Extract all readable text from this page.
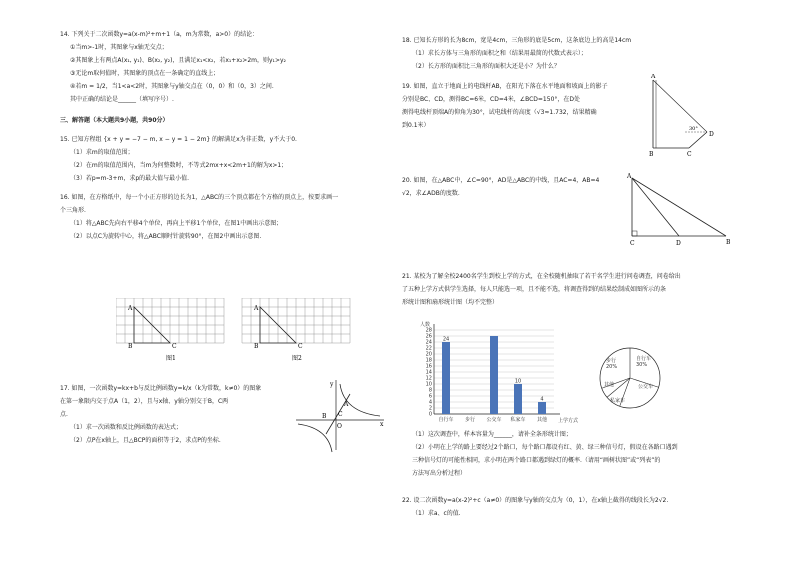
14. 下列关于二次函数y=a(x-m)²+m+1（a，m为常数，a>0）的结论：
①当m>-1时，其图象与x轴无交点；
②其图象上有两点A(x₁, y₁)、B(x₂, y₂)，且满足x₁<x₂，若x₁+x₂>2m，则y₁>y₂
③无论m取何值时，其图象的顶点在一条确定的直线上；
④若m = 1/2，当1<a<2时，其图象与y轴交点在（0，0）和（0，3）之间.
其中正确的结论是______（填写序号）.
三、解答题（本大题共9小题，共90分）
15. 已知方程组 {x + y = −7 − m, x − y = 1 − 2m} 的解满足x为非正数，y不大于0.
（1）求m的取值范围；
（2）在m的取值范围内，当m为何整数时，不等式2mx+x<2m+1的解为x>1；
（3）若p=m-3+m，求p的最大值与最小值.
16. 如图，在方格纸中，每一个小正方形的边长为1，△ABC的三个顶点都在个方格的顶点上，按要求画一
个三角形.
（1）将△ABC先向右平移4个单位，再向上平移1个单位，在图1中画出示意图；
（2）以点C为旋转中心，将△ABC顺时针旋转90°，在图2中画出示意图.
A
B	C
图1
A
B	C
图2
17. 如图，一次函数y=kx+b与反比例函数y=k/x（k为常数，k≠0）的图象
在第一象限内交于点A（1，2），且与x轴、y轴分别交于B，C两
点.
（1）求一次函数和反比例函数的表达式；
（2）点P在x轴上，且△BCP的面积等于2，求点P的坐标.
y
x
A
B C
O
18. 已知长方形的长为8cm，宽是4cm，三角形的底是5cm，这条底边上的高是14cm
（1）求长方体与三角形的面积之和（结果用最简的代数式表示）；
（2）长方形的面积比三角形的面积大还是小？为什么？
19. 如图，直立于地面上的电线杆AB，在阳光下落在水平地面和坡面上的影子
分别是BC、CD，测得BC=6米，CD=4米，∠BCD=150°，在D处
测得电线杆顶端A的仰角为30°，试电线杆的高度（√3≈1.732，结果精确
到0.1米）
A
B	C
D
30°
20. 如图，在△ABC中，∠C=90°，AD是△ABC的中线，且AC=4，AB=4
√2，求∠ADB的度数.
A
C	D	B
21. 某校为了解全校2400名学生到校上学的方式，在全校随机抽取了若干名学生进行问卷调查，问卷给出
了五种上学方式供学生选择，每人只能选一项，且不能不选，将调查得到的结果绘制成如图所示的条
形统计图和扇形统计图（均不完整）
0
2
4
6
8
10
12
14
16
18
20
22
24
26
28
人数
上学方式
24
自行车 步行 公交车
10
私家车
4
其他
步行
20%
自行车
30%
公交车
私家车
其他
（1）这次调查中，样本容量为______，请补全条形统计图；
（2）小明在上学的路上要经过2个路口，每个路口都设有红、黄、绿三种信号灯，假设在各路口遇到
三种信号灯的可能性相同，求小明在两个路口都遇到绿灯的概率.（请用“画树状图”或“列表”的
方法写出分析过程）
22. 设二次函数y=a(x-2)²+c（a≠0）的图象与y轴的交点为（0，1），在x轴上截得的线段长为2√2.
（1）求a、c的值.
